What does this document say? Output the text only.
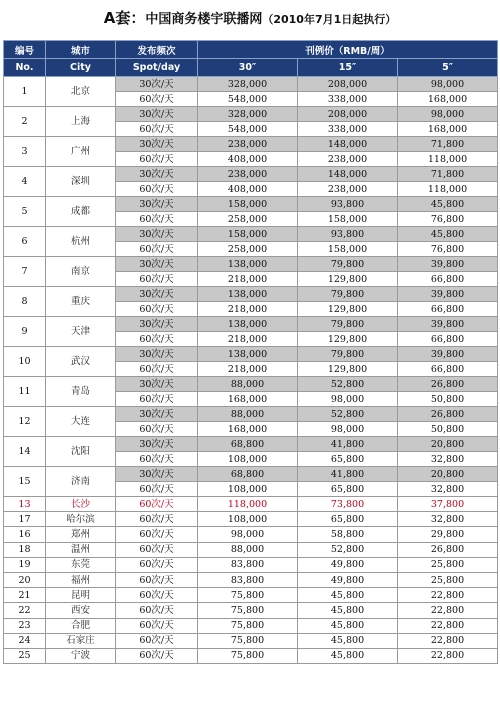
A套：中国商务楼宇联播网（2010年7月1日起执行）
编号	城市	发布频次	刊例价（RMB/周）		
No.	City	Spot/day	30″	15″	5″
1	北京	30次/天	328,000	208,000	98,000
		60次/天	548,000	338,000	168,000
2	上海	30次/天	328,000	208,000	98,000
		60次/天	548,000	338,000	168,000
3	广州	30次/天	238,000	148,000	71,800
		60次/天	408,000	238,000	118,000
4	深圳	30次/天	238,000	148,000	71,800
		60次/天	408,000	238,000	118,000
5	成都	30次/天	158,000	93,800	45,800
		60次/天	258,000	158,000	76,800
6	杭州	30次/天	158,000	93,800	45,800
		60次/天	258,000	158,000	76,800
7	南京	30次/天	138,000	79,800	39,800
		60次/天	218,000	129,800	66,800
8	重庆	30次/天	138,000	79,800	39,800
		60次/天	218,000	129,800	66,800
9	天津	30次/天	138,000	79,800	39,800
		60次/天	218,000	129,800	66,800
10	武汉	30次/天	138,000	79,800	39,800
		60次/天	218,000	129,800	66,800
11	青岛	30次/天	88,000	52,800	26,800
		60次/天	168,000	98,000	50,800
12	大连	30次/天	88,000	52,800	26,800
		60次/天	168,000	98,000	50,800
14	沈阳	30次/天	68,800	41,800	20,800
		60次/天	108,000	65,800	32,800
15	济南	30次/天	68,800	41,800	20,800
		60次/天	108,000	65,800	32,800
13	长沙	60次/天	118,000	73,800	37,800
17	哈尔滨	60次/天	108,000	65,800	32,800
16	郑州	60次/天	98,000	58,800	29,800
18	温州	60次/天	88,000	52,800	26,800
19	东莞	60次/天	83,800	49,800	25,800
20	福州	60次/天	83,800	49,800	25,800
21	昆明	60次/天	75,800	45,800	22,800
22	西安	60次/天	75,800	45,800	22,800
23	合肥	60次/天	75,800	45,800	22,800
24	石家庄	60次/天	75,800	45,800	22,800
25	宁波	60次/天	75,800	45,800	22,800
